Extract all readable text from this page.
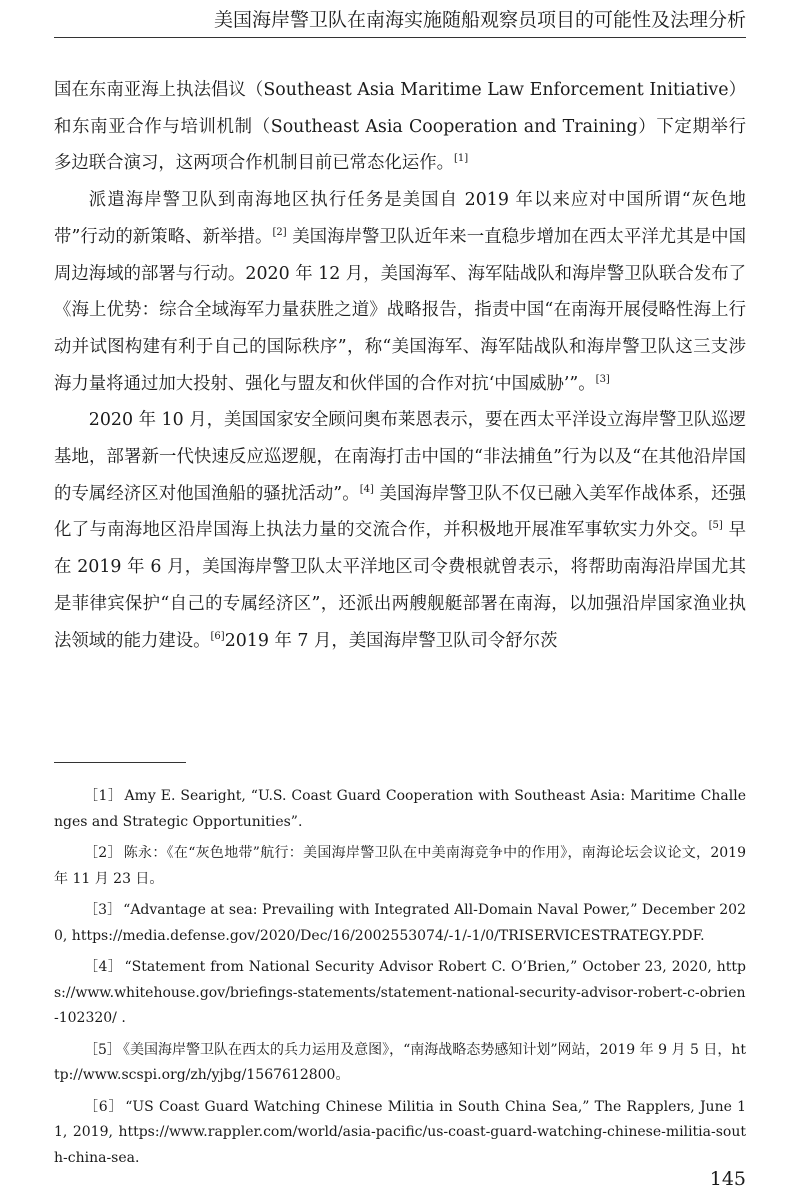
美国海岸警卫队在南海实施随船观察员项目的可能性及法理分析

国在东南亚海上执法倡议（Southeast Asia Maritime Law Enforcement Initiative）和东南亚合作与培训机制（Southeast Asia Cooperation and Training）下定期举行多边联合演习，这两项合作机制目前已常态化运作。[1]

派遣海岸警卫队到南海地区执行任务是美国自 2019 年以来应对中国所谓“灰色地带”行动的新策略、新举措。[2] 美国海岸警卫队近年来一直稳步增加在西太平洋尤其是中国周边海域的部署与行动。2020 年 12 月，美国海军、海军陆战队和海岸警卫队联合发布了《海上优势：综合全域海军力量获胜之道》战略报告，指责中国“在南海开展侵略性海上行动并试图构建有利于自己的国际秩序”，称“美国海军、海军陆战队和海岸警卫队这三支涉海力量将通过加大投射、强化与盟友和伙伴国的合作对抗‘中国威胁’”。[3]

2020 年 10 月，美国国家安全顾问奥布莱恩表示，要在西太平洋设立海岸警卫队巡逻基地，部署新一代快速反应巡逻舰，在南海打击中国的“非法捕鱼”行为以及“在其他沿岸国的专属经济区对他国渔船的骚扰活动”。[4] 美国海岸警卫队不仅已融入美军作战体系，还强化了与南海地区沿岸国海上执法力量的交流合作，并积极地开展准军事软实力外交。[5] 早在 2019 年 6 月，美国海岸警卫队太平洋地区司令费根就曾表示，将帮助南海沿岸国尤其是菲律宾保护“自己的专属经济区”，还派出两艘舰艇部署在南海，以加强沿岸国家渔业执法领域的能力建设。[6]2019 年 7 月，美国海岸警卫队司令舒尔茨

［1］ Amy E. Searight, “U.S. Coast Guard Cooperation with Southeast Asia: Maritime Challenges and Strategic Opportunities”.

［2］ 陈永：《在“灰色地带”航行：美国海岸警卫队在中美南海竞争中的作用》，南海论坛会议论文，2019 年 11 月 23 日。

［3］ “Advantage at sea: Prevailing with Integrated All-Domain Naval Power,” December 2020, https://media.defense.gov/2020/Dec/16/2002553074/-1/-1/0/TRISERVICESTRATEGY.PDF.

［4］ “Statement from National Security Advisor Robert C. O’Brien,” October 23, 2020, https://www.whitehouse.gov/briefings-statements/statement-national-security-advisor-robert-c-obrien-102320/ .

［5］ 《美国海岸警卫队在西太的兵力运用及意图》，“南海战略态势感知计划”网站，2019 年 9 月 5 日，http://www.scspi.org/zh/yjbg/1567612800。

［6］ “US Coast Guard Watching Chinese Militia in South China Sea,” The Rapplers, June 11, 2019, https://www.rappler.com/world/asia-pacific/us-coast-guard-watching-chinese-militia-south-china-sea.

145
